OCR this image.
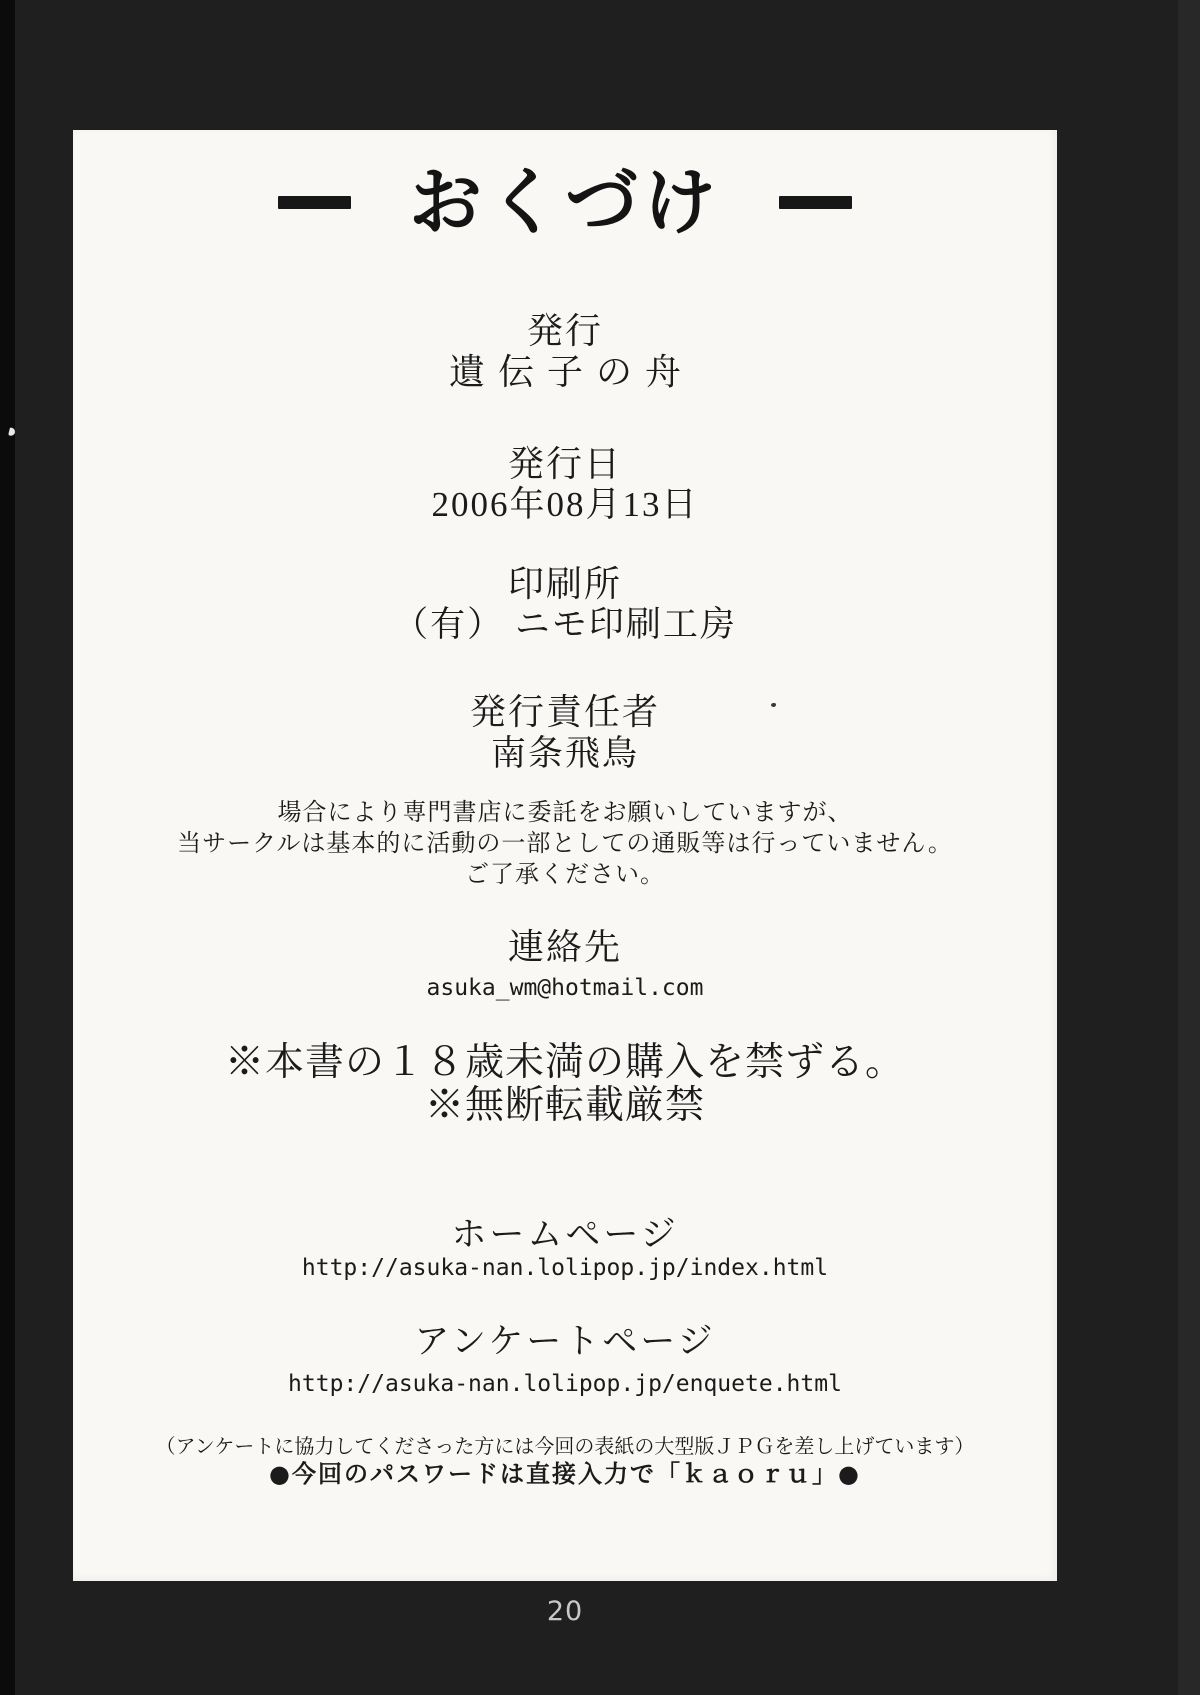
おくづけ
発行
遺伝子の舟
発行日
2006年08月13日
印刷所
（有） ニモ印刷工房
発行責任者
南条飛鳥
場合により専門書店に委託をお願いしていますが、
当サークルは基本的に活動の一部としての通販等は行っていません。
ご了承ください。
連絡先
asuka_wm@hotmail.com
※本書の１８歳未満の購入を禁ずる。
※無断転載厳禁
ホームページ
http://asuka-nan.lolipop.jp/index.html
アンケートページ
http://asuka-nan.lolipop.jp/enquete.html
（アンケートに協力してくださった方には今回の表紙の大型版ＪＰＧを差し上げています）
●今回のパスワードは直接入力で「ｋａｏｒｕ」●
20
